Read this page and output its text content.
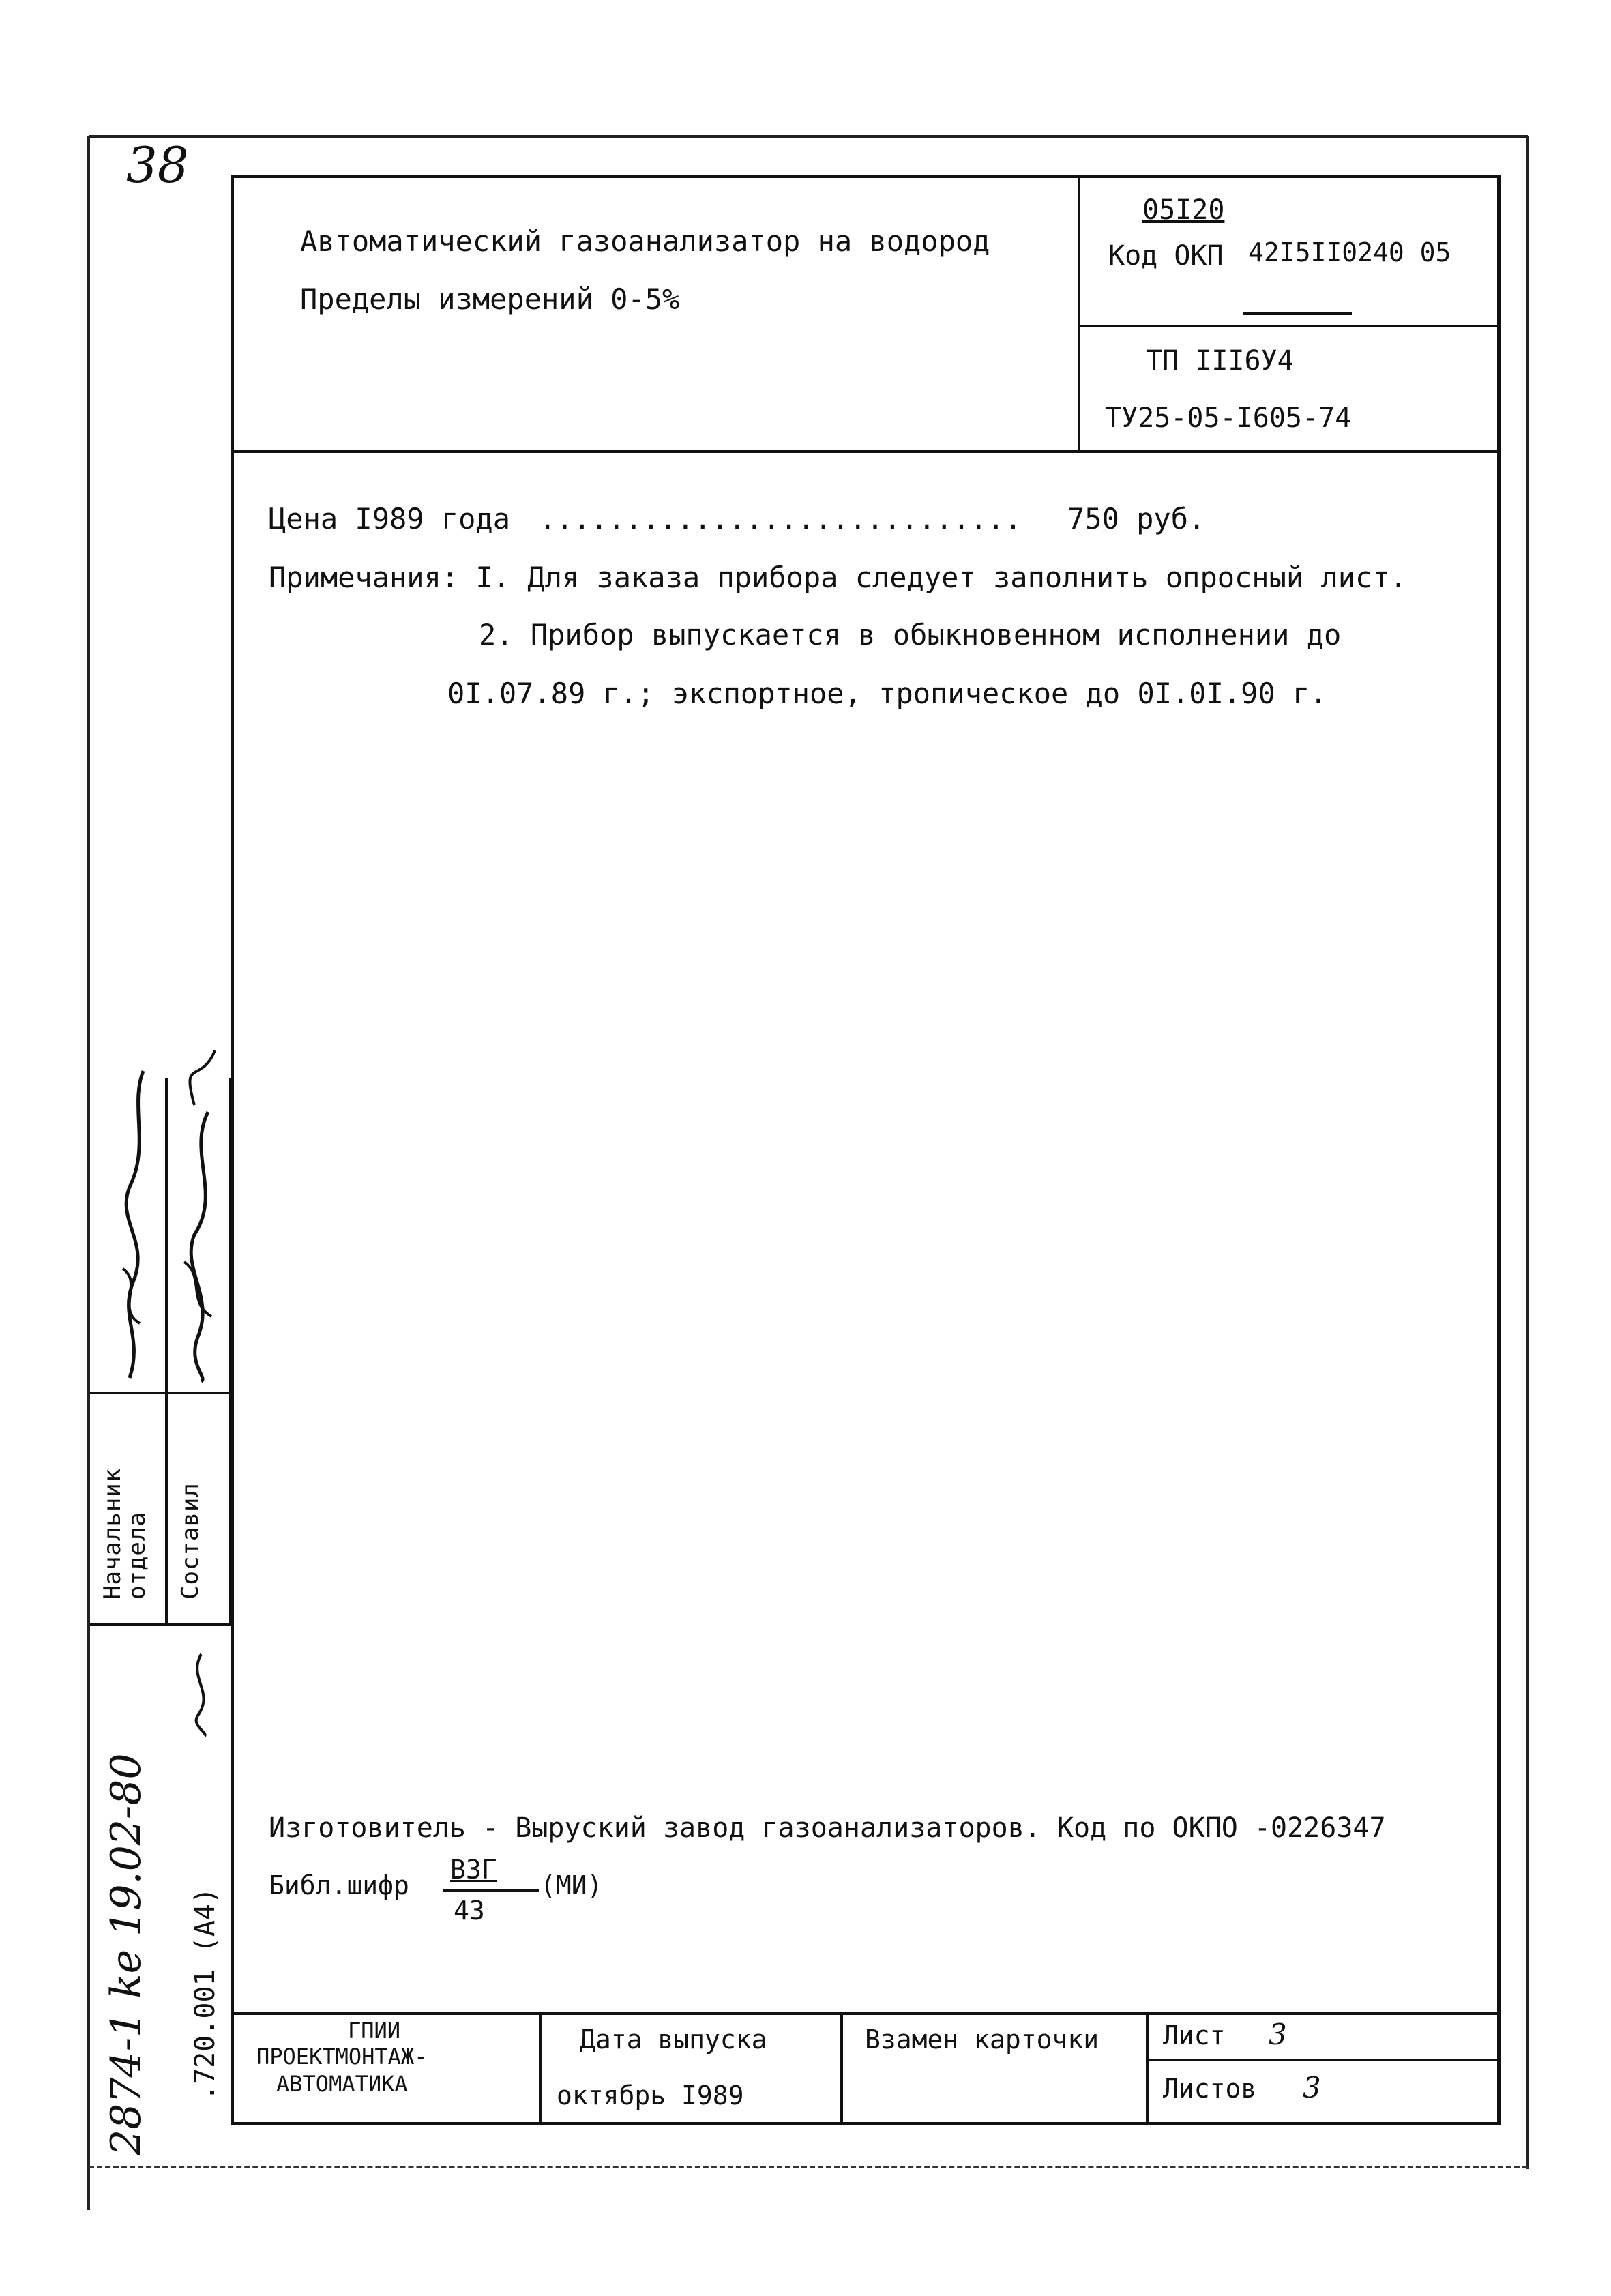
38
Автоматический газоанализатор на водород
Пределы измерений 0-5%
05I20
Код ОКП 42I5II0240 05
ТП III6У4
ТУ25-05-I605-74
Цена I989 года ............................ 750 руб.
Примечания: I. Для заказа прибора следует заполнить опросный лист.
2. Прибор выпускается в обыкновенном исполнении до
0I.07.89 г.; экспортное, тропическое до 0I.0I.90 г.
Изготовитель - Выруский завод газоанализаторов. Код по ОКПО -0226347
Библ.шифр
ВЗГ
(МИ)
43
ГПИИ
ПРОЕКТМОНТАЖ-
АВТОМАТИКА
Дата выпуска
октябрь I989
Взамен карточки Лист 3
Листов 3
Начальник отдела Составил
.720.001 (А4)
2874-1 ke 19.02-80
